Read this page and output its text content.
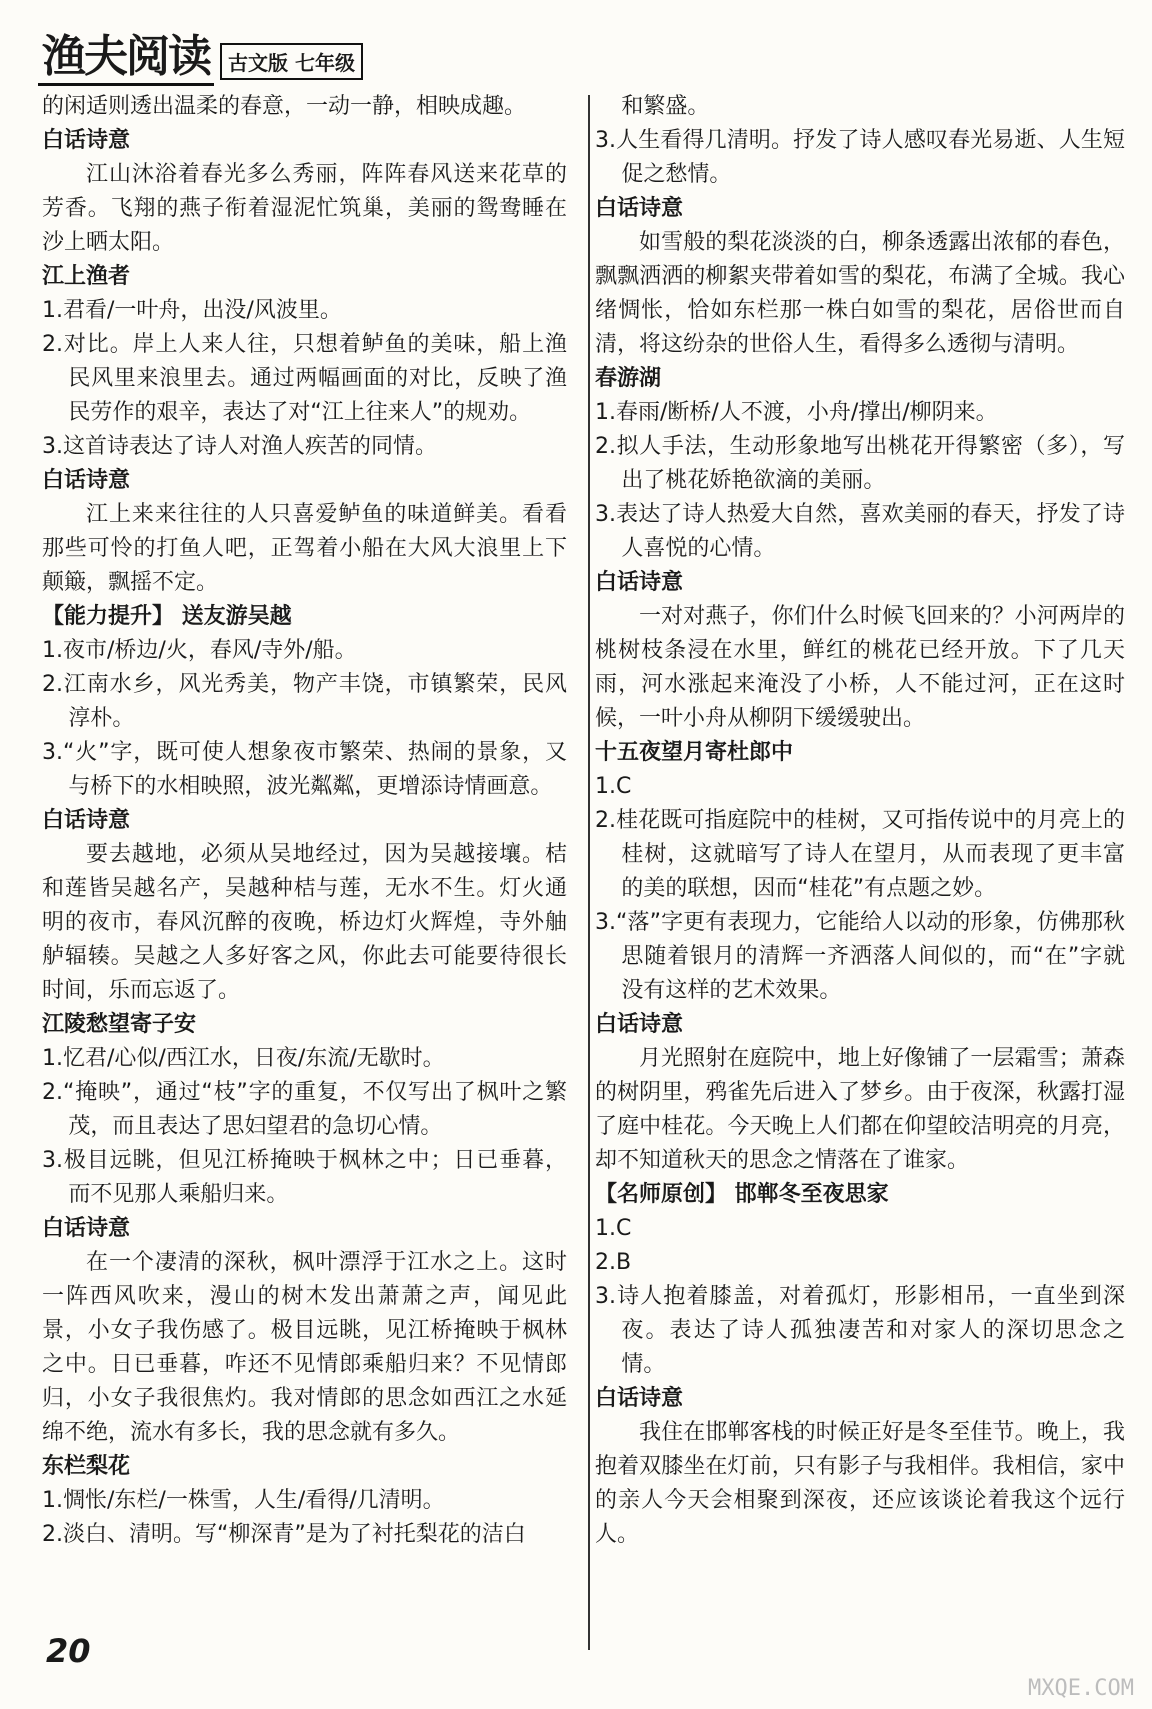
渔夫阅读 古文版 七年级

的闲适则透出温柔的春意，一动一静，相映成趣。

白话诗意

江山沐浴着春光多么秀丽，阵阵春风送来花草的芳香。飞翔的燕子衔着湿泥忙筑巢，美丽的鸳鸯睡在沙上晒太阳。

江上渔者

1.君看/一叶舟，出没/风波里。

2.对比。岸上人来人往，只想着鲈鱼的美味，船上渔民风里来浪里去。通过两幅画面的对比，反映了渔民劳作的艰辛，表达了对“江上往来人”的规劝。

3.这首诗表达了诗人对渔人疾苦的同情。

白话诗意

江上来来往往的人只喜爱鲈鱼的味道鲜美。看看那些可怜的打鱼人吧，正驾着小船在大风大浪里上下颠簸，飘摇不定。

【能力提升】 送友游吴越

1.夜市/桥边/火，春风/寺外/船。

2.江南水乡，风光秀美，物产丰饶，市镇繁荣，民风淳朴。

3.“火”字，既可使人想象夜市繁荣、热闹的景象，又与桥下的水相映照，波光粼粼，更增添诗情画意。

白话诗意

要去越地，必须从吴地经过，因为吴越接壤。桔和莲皆吴越名产，吴越种桔与莲，无水不生。灯火通明的夜市，春风沉醉的夜晚，桥边灯火辉煌，寺外舳舻辐辏。吴越之人多好客之风，你此去可能要待很长时间，乐而忘返了。

江陵愁望寄子安

1.忆君/心似/西江水，日夜/东流/无歇时。

2.“掩映”，通过“枝”字的重复，不仅写出了枫叶之繁茂，而且表达了思妇望君的急切心情。

3.极目远眺，但见江桥掩映于枫林之中；日已垂暮，而不见那人乘船归来。

白话诗意

在一个凄清的深秋，枫叶漂浮于江水之上。这时一阵西风吹来，漫山的树木发出萧萧之声，闻见此景，小女子我伤感了。极目远眺，见江桥掩映于枫林之中。日已垂暮，咋还不见情郎乘船归来？不见情郎归，小女子我很焦灼。我对情郎的思念如西江之水延绵不绝，流水有多长，我的思念就有多久。

东栏梨花

1.惆怅/东栏/一株雪，人生/看得/几清明。

2.淡白、清明。写“柳深青”是为了衬托梨花的洁白

和繁盛。

3.人生看得几清明。抒发了诗人感叹春光易逝、人生短促之愁情。

白话诗意

如雪般的梨花淡淡的白，柳条透露出浓郁的春色，飘飘洒洒的柳絮夹带着如雪的梨花，布满了全城。我心绪惆怅，恰如东栏那一株白如雪的梨花，居俗世而自清，将这纷杂的世俗人生，看得多么透彻与清明。

春游湖

1.春雨/断桥/人不渡，小舟/撑出/柳阴来。

2.拟人手法，生动形象地写出桃花开得繁密（多），写出了桃花娇艳欲滴的美丽。

3.表达了诗人热爱大自然，喜欢美丽的春天，抒发了诗人喜悦的心情。

白话诗意

一对对燕子，你们什么时候飞回来的？小河两岸的桃树枝条浸在水里，鲜红的桃花已经开放。下了几天雨，河水涨起来淹没了小桥，人不能过河，正在这时候，一叶小舟从柳阴下缓缓驶出。

十五夜望月寄杜郎中

1.C

2.桂花既可指庭院中的桂树，又可指传说中的月亮上的桂树，这就暗写了诗人在望月，从而表现了更丰富的美的联想，因而“桂花”有点题之妙。

3.“落”字更有表现力，它能给人以动的形象，仿佛那秋思随着银月的清辉一齐洒落人间似的，而“在”字就没有这样的艺术效果。

白话诗意

月光照射在庭院中，地上好像铺了一层霜雪；萧森的树阴里，鸦雀先后进入了梦乡。由于夜深，秋露打湿了庭中桂花。今天晚上人们都在仰望皎洁明亮的月亮，却不知道秋天的思念之情落在了谁家。

【名师原创】 邯郸冬至夜思家

1.C

2.B

3.诗人抱着膝盖，对着孤灯，形影相吊，一直坐到深夜。表达了诗人孤独凄苦和对家人的深切思念之情。

白话诗意

我住在邯郸客栈的时候正好是冬至佳节。晚上，我抱着双膝坐在灯前，只有影子与我相伴。我相信，家中的亲人今天会相聚到深夜，还应该谈论着我这个远行人。

20
MXQE.COM
